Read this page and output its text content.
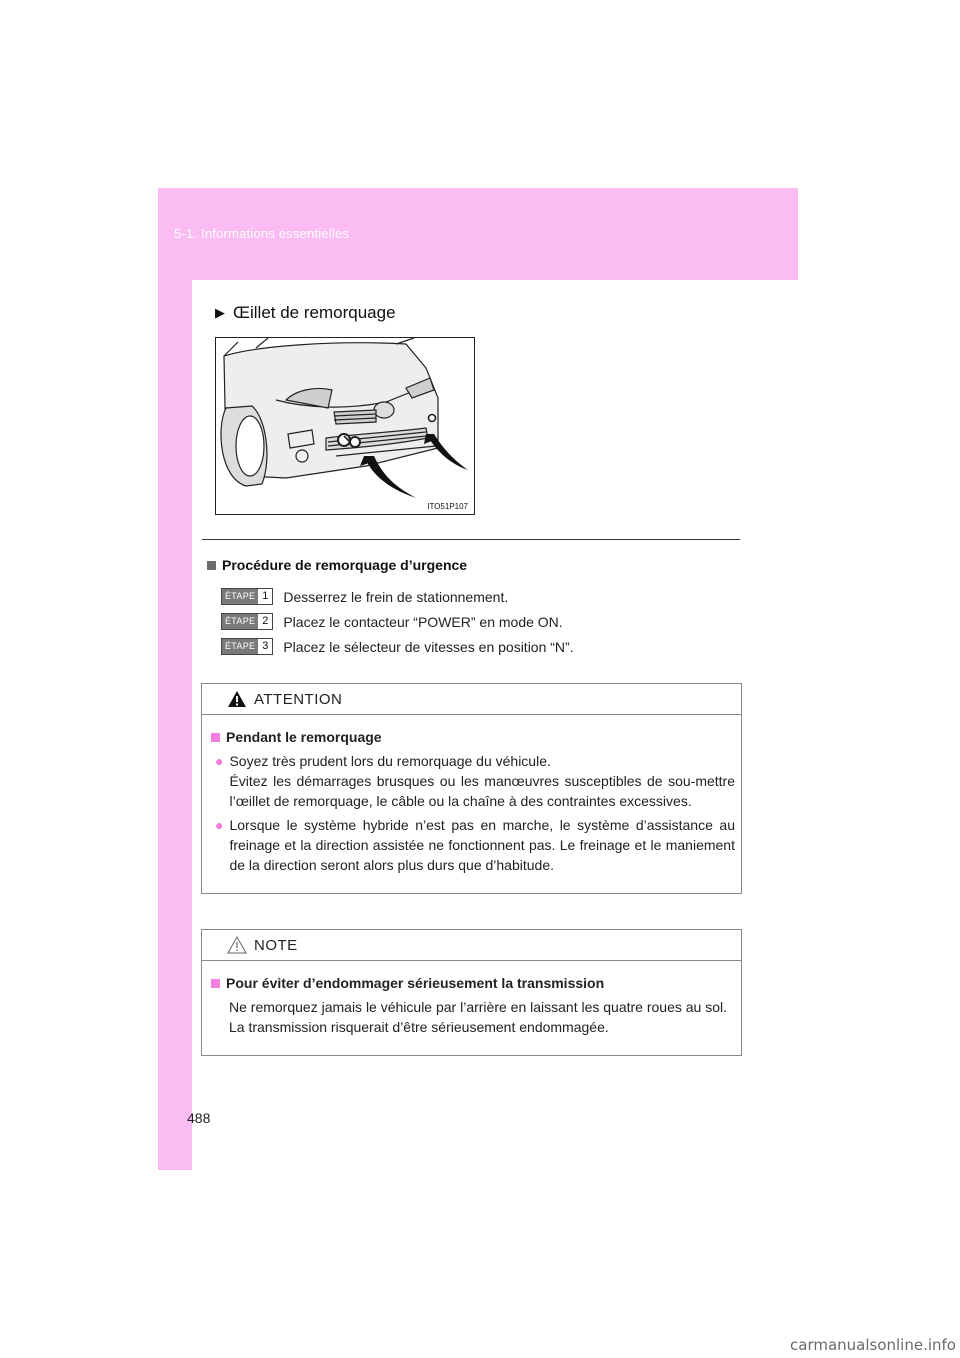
5-1. Informations essentielles
▶ Œillet de remorquage
ITO51P107
Procédure de remorquage d’urgence
ÉTAPE 1 Desserrez le frein de stationnement.
ÉTAPE 2 Placez le contacteur “POWER” en mode ON.
ÉTAPE 3 Placez le sélecteur de vitesses en position “N”.
ATTENTION
Pendant le remorquage
● Soyez très prudent lors du remorquage du véhicule.
Évitez les démarrages brusques ou les manœuvres susceptibles de sou-mettre l’œillet de remorquage, le câble ou la chaîne à des contraintes excessives.
● Lorsque le système hybride n’est pas en marche, le système d’assistance au freinage et la direction assistée ne fonctionnent pas. Le freinage et le maniement de la direction seront alors plus durs que d’habitude.
NOTE
Pour éviter d’endommager sérieusement la transmission
Ne remorquez jamais le véhicule par l’arrière en laissant les quatre roues au sol.
La transmission risquerait d’être sérieusement endommagée.
488
carmanualsonline.info
